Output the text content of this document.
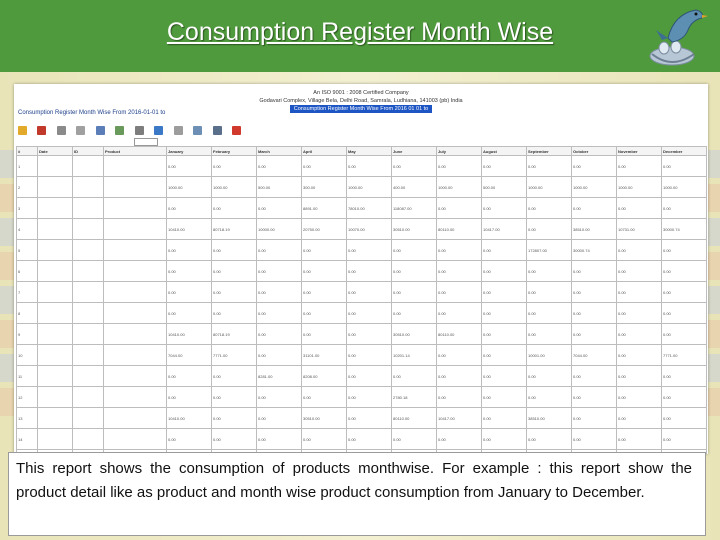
Consumption Register Month Wise
An ISO 9001 : 2008 Certified Company
Godavari Complex, Village Bela, Delhi Road, Samrala, Ludhiana, 141003 (pb) India
Consumption Register Month Wise From 2016 01 01 to
Consumption Register Month Wise From 2016-01-01 to

#	Date	ID	Product	January	February	March	April	May	June	July	August	September	October	November	December
1				0.00	0.00	0.00	0.00	0.00	0.00	0.00	0.00	0.00	0.00	0.00	0.00
2				1000.00	1000.00	500.00	300.00	1000.00	400.00	1000.00	500.00	1000.00	1000.00	1000.00	1000.00
3				0.00	0.00	0.00	8891.00	78010.00	118087.00	0.00	0.00	0.00	0.00	0.00	0.00
4				10410.00	80718.19	10000.00	20750.00	10070.00	30510.00	80110.00	10417.00	0.00	38510.00	10731.00	30000.74
5				0.00	0.00	0.00	0.00	0.00	0.00	0.00	0.00	172807.00	30000.74	0.00	0.00
6				0.00	0.00	0.00	0.00	0.00	0.00	0.00	0.00	0.00	0.00	0.00	0.00
7				0.00	0.00	0.00	0.00	0.00	0.00	0.00	0.00	0.00	0.00	0.00	0.00
8				0.00	0.00	0.00	0.00	0.00	0.00	0.00	0.00	0.00	0.00	0.00	0.00
9				10410.00	80718.19	0.00	0.00	0.00	30510.00	80110.00	0.00	0.00	0.00	0.00	0.00
10				7044.00	7771.00	0.00	31101.00	0.00	10201.14	0.00	0.00	10001.00	7044.00	0.00	7771.00
11				0.00	0.00	8281.00	8208.00	0.00	0.00	0.00	0.00	0.00	0.00	0.00	0.00
12				0.00	0.00	0.00	0.00	0.00	2780.18	0.00	0.00	0.00	0.00	0.00	0.00
13				10410.00	0.00	0.00	30510.00	0.00	80110.00	10417.00	0.00	38510.00	0.00	0.00	0.00
14				0.00	0.00	0.00	0.00	0.00	0.00	0.00	0.00	0.00	0.00	0.00	0.00

This report shows the consumption of products monthwise. For example : this report show the product detail like as product and month wise product consumption from January to December.
